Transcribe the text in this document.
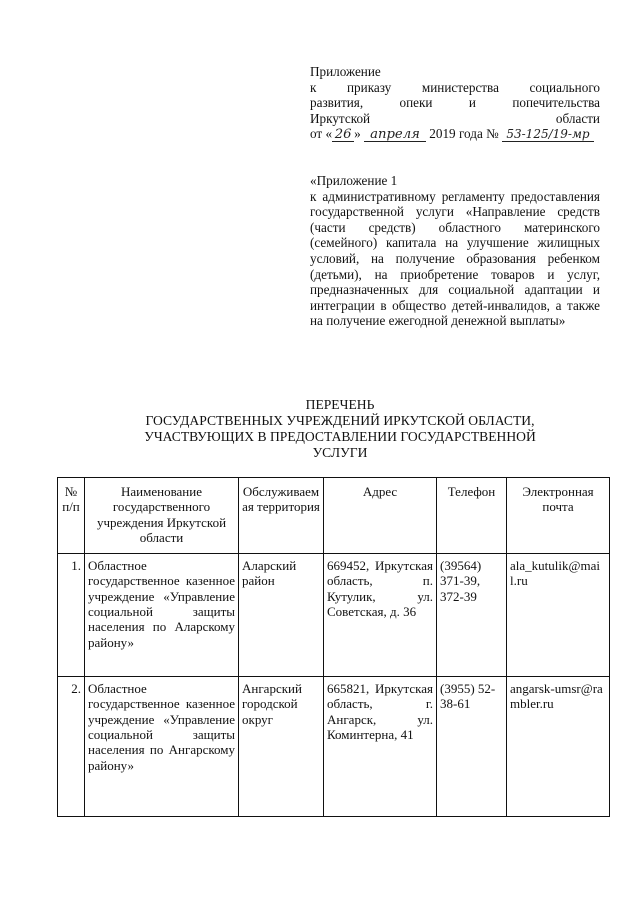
Приложение
к приказу министерства социального
развития, опеки и попечительства
Иркутской области
от « 26 » апреля 2019 года № 53-125/19-мр

«Приложение 1

к административному регламенту предоставления государственной услуги «Направление средств (части средств) областного материнского (семейного) капитала на улучшение жилищных условий, на получение образования ребенком (детьми), на приобретение товаров и услуг, предназначенных для социальной адаптации и интеграции в общество детей-инвалидов, а также на получение ежегодной денежной выплаты»

ПЕРЕЧЕНЬ
ГОСУДАРСТВЕННЫХ УЧРЕЖДЕНИЙ ИРКУТСКОЙ ОБЛАСТИ,
УЧАСТВУЮЩИХ В ПРЕДОСТАВЛЕНИИ ГОСУДАРСТВЕННОЙ
УСЛУГИ
№ п/п	Наименование государственного учреждения Иркутской области	Обслуживаемая территория	Адрес	Телефон	Электронная почта
1.	Областное государственное казенное учреждение «Управление социальной защиты населения по Аларскому району»	Аларский район	669452, Иркутская область, п. Кутулик, ул. Советская, д. 36	(39564) 371-39, 372-39	ala_kutulik@mail.ru
2.	Областное государственное казенное учреждение «Управление социальной защиты населения по Ангарскому району»	Ангарский городской округ	665821, Иркутская область, г. Ангарск, ул. Коминтерна, 41	(3955) 52-38-61	angarsk-umsr@rambler.ru
